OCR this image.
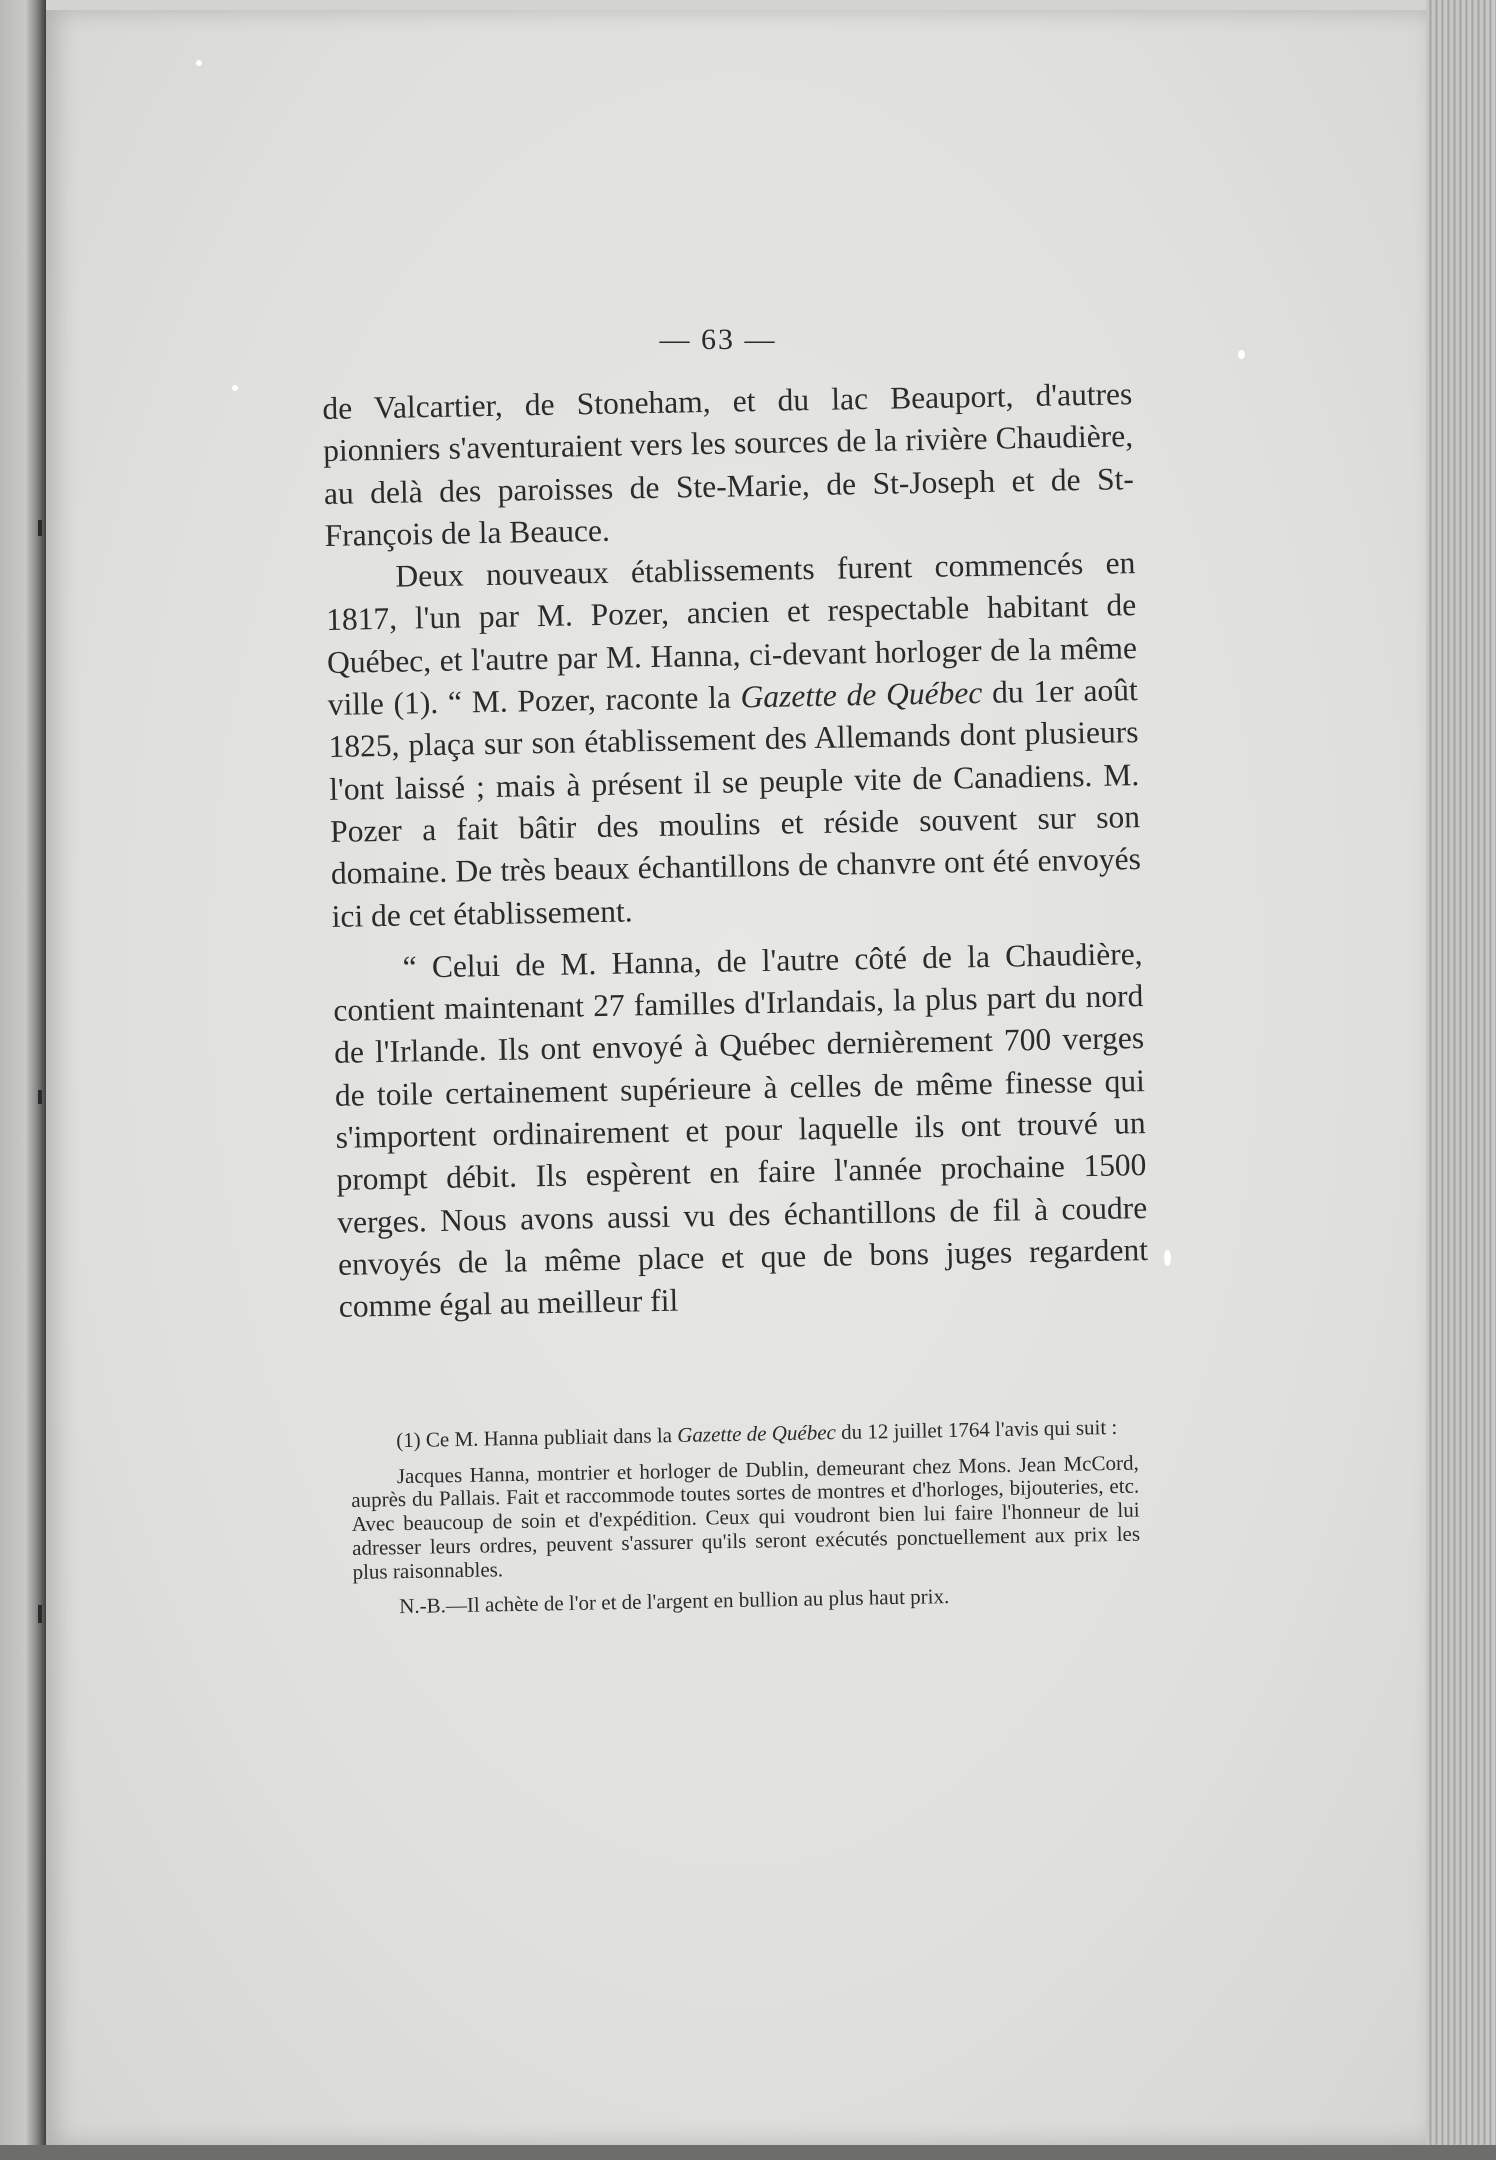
— 63 —

de Valcartier, de Stoneham, et du lac Beauport, d'autres pionniers s'aventuraient vers les sources de la rivière Chaudière, au delà des paroisses de Ste-Marie, de St-Joseph et de St-François de la Beauce.

Deux nouveaux établissements furent commencés en 1817, l'un par M. Pozer, ancien et respectable habitant de Québec, et l'autre par M. Hanna, ci-devant horloger de la même ville (1). “ M. Pozer, raconte la Gazette de Québec du 1er août 1825, plaça sur son établissement des Allemands dont plusieurs l'ont laissé ; mais à présent il se peuple vite de Canadiens. M. Pozer a fait bâtir des moulins et réside souvent sur son domaine. De très beaux échantillons de chanvre ont été envoyés ici de cet établissement.

“ Celui de M. Hanna, de l'autre côté de la Chaudière, contient maintenant 27 familles d'Irlandais, la plus part du nord de l'Irlande. Ils ont envoyé à Québec dernièrement 700 verges de toile certainement supérieure à celles de même finesse qui s'importent ordinairement et pour laquelle ils ont trouvé un prompt débit. Ils espèrent en faire l'année prochaine 1500 verges. Nous avons aussi vu des échantillons de fil à coudre envoyés de la même place et que de bons juges regardent comme égal au meilleur fil

(1) Ce M. Hanna publiait dans la Gazette de Québec du 12 juillet 1764 l'avis qui suit :

Jacques Hanna, montrier et horloger de Dublin, demeurant chez Mons. Jean McCord, auprès du Pallais. Fait et raccommode toutes sortes de montres et d'horloges, bijouteries, etc. Avec beaucoup de soin et d'expédition. Ceux qui voudront bien lui faire l'honneur de lui adresser leurs ordres, peuvent s'assurer qu'ils seront exécutés ponctuellement aux prix les plus raisonnables.

N.-B.—Il achète de l'or et de l'argent en bullion au plus haut prix.
